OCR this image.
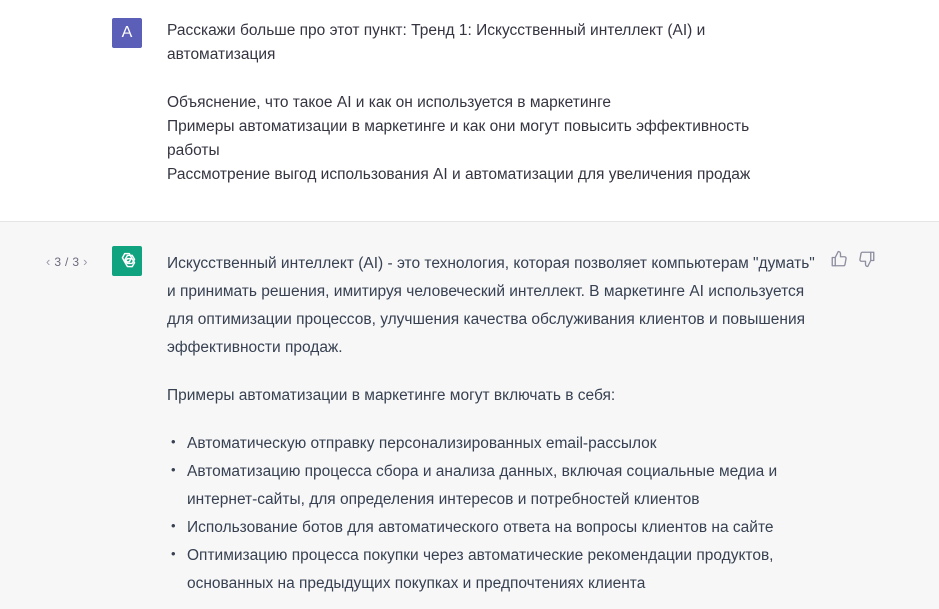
A	Расскажи больше про этот пункт: Тренд 1: Искусственный интеллект (AI) и

автоматизация

Объяснение, что такое AI и как он используется в маркетинге

Примеры автоматизации в маркетинге и как они могут повысить эффективность

работы

Рассмотрение выгод использования AI и автоматизации для увеличения продаж

‹ 3 / 3 ›	Искусственный интеллект (AI) - это технология, которая позволяет компьютерам "думать" и принимать решения, имитируя человеческий интеллект. В маркетинге AI используется для оптимизации процессов, улучшения качества обслуживания клиентов и повышения эффективности продаж.

Примеры автоматизации в маркетинге могут включать в себя:

• Автоматическую отправку персонализированных email-рассылок
• Автоматизацию процесса сбора и анализа данных, включая социальные медиа и интернет-сайты, для определения интересов и потребностей клиентов
• Использование ботов для автоматического ответа на вопросы клиентов на сайте
• Оптимизацию процесса покупки через автоматические рекомендации продуктов, основанных на предыдущих покупках и предпочтениях клиента
